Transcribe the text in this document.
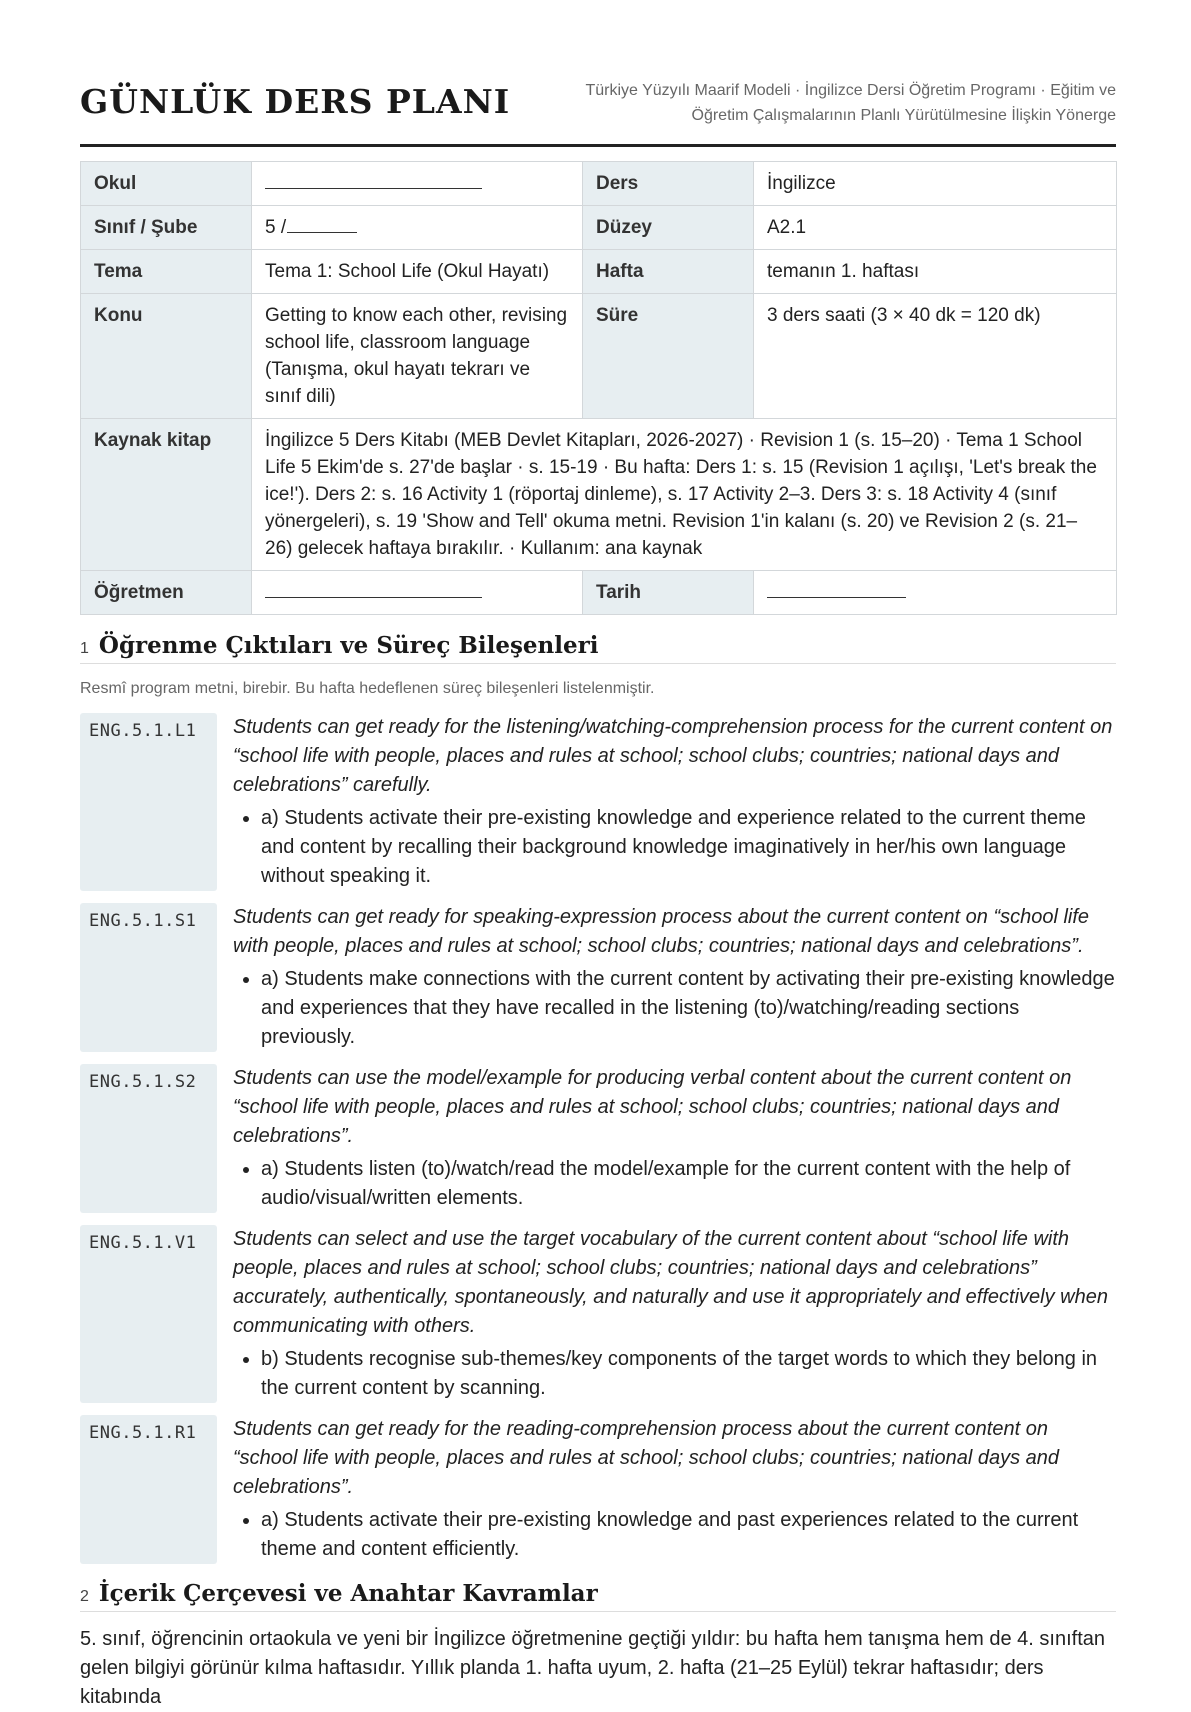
GÜNLÜK DERS PLANI	Türkiye Yüzyılı Maarif Modeli · İngilizce Dersi Öğretim Programı · Eğitim ve Öğretim Çalışmalarının Planlı Yürütülmesine İlişkin Yönerge
Okul		Ders	İngilizce
Sınıf / Şube	5 /	Düzey	A2.1
Tema	Tema 1: School Life (Okul Hayatı)	Hafta	temanın 1. haftası
Konu	Getting to know each other, revising school life, classroom language (Tanışma, okul hayatı tekrarı ve sınıf dili)	Süre	3 ders saati (3 × 40 dk = 120 dk)
Kaynak kitap	İngilizce 5 Ders Kitabı (MEB Devlet Kitapları, 2026-2027) · Revision 1 (s. 15–20) · Tema 1 School Life 5 Ekim'de s. 27'de başlar · s. 15-19 · Bu hafta: Ders 1: s. 15 (Revision 1 açılışı, 'Let's break the ice!'). Ders 2: s. 16 Activity 1 (röportaj dinleme), s. 17 Activity 2–3. Ders 3: s. 18 Activity 4 (sınıf yönergeleri), s. 19 'Show and Tell' okuma metni. Revision 1'in kalanı (s. 20) ve Revision 2 (s. 21–26) gelecek haftaya bırakılır. · Kullanım: ana kaynak		
Öğretmen		Tarih	
1 Öğrenme Çıktıları ve Süreç Bileşenleri
Resmî program metni, birebir. Bu hafta hedeflenen süreç bileşenleri listelenmiştir.
ENG.5.1.L1	Students can get ready for the listening/watching-comprehension process for the current content on “school life with people, places and rules at school; school clubs; countries; national days and celebrations” carefully.

• a) Students activate their pre-existing knowledge and experience related to the current theme and content by recalling their background knowledge imaginatively in her/his own language without speaking it.
ENG.5.1.S1	Students can get ready for speaking-expression process about the current content on “school life with people, places and rules at school; school clubs; countries; national days and celebrations”.

• a) Students make connections with the current content by activating their pre-existing knowledge and experiences that they have recalled in the listening (to)/watching/reading sections previously.
ENG.5.1.S2	Students can use the model/example for producing verbal content about the current content on “school life with people, places and rules at school; school clubs; countries; national days and celebrations”.

• a) Students listen (to)/watch/read the model/example for the current content with the help of audio/visual/written elements.
ENG.5.1.V1	Students can select and use the target vocabulary of the current content about “school life with people, places and rules at school; school clubs; countries; national days and celebrations” accurately, authentically, spontaneously, and naturally and use it appropriately and effectively when communicating with others.

• b) Students recognise sub-themes/key components of the target words to which they belong in the current content by scanning.
ENG.5.1.R1	Students can get ready for the reading-comprehension process about the current content on “school life with people, places and rules at school; school clubs; countries; national days and celebrations”.

• a) Students activate their pre-existing knowledge and past experiences related to the current theme and content efficiently.
2 İçerik Çerçevesi ve Anahtar Kavramlar
5. sınıf, öğrencinin ortaokula ve yeni bir İngilizce öğretmenine geçtiği yıldır: bu hafta hem tanışma hem de 4. sınıftan gelen bilgiyi görünür kılma haftasıdır. Yıllık planda 1. hafta uyum, 2. hafta (21–25 Eylül) tekrar haftasıdır; ders kitabında
